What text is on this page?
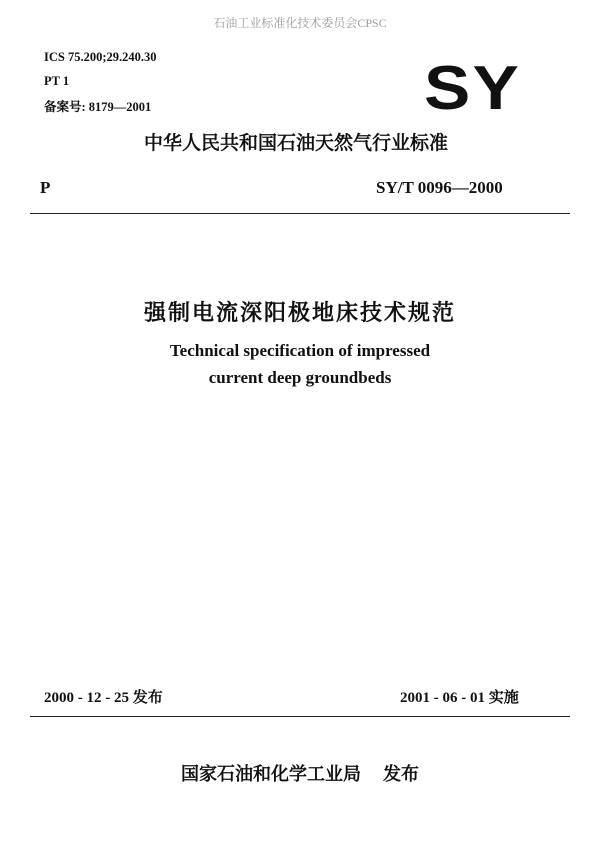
石油工业标准化技术委员会CPSC
ICS 75.200;29.240.30
PT 1
备案号: 8179—2001	SY
中华人民共和国石油天然气行业标准
P	SY/T 0096—2000
强制电流深阳极地床技术规范
Technical specification of impressed
current deep groundbeds
2000 - 12 - 25 发布	2001 - 06 - 01 实施
国家石油和化学工业局 发布
